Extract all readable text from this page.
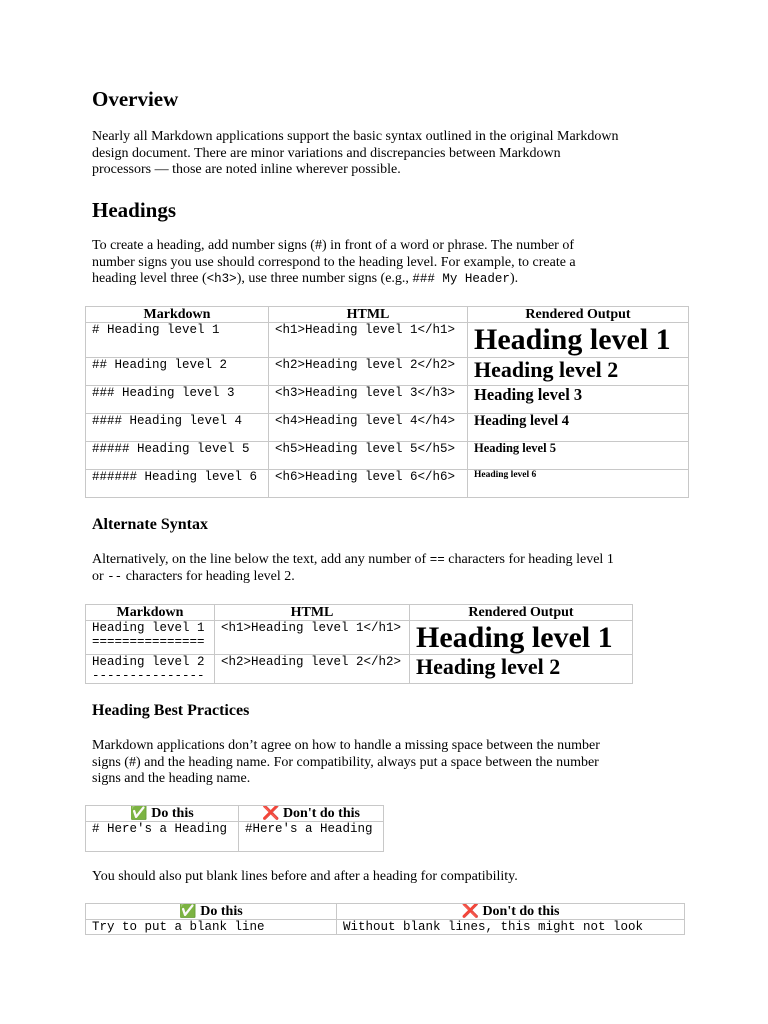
Overview

Nearly all Markdown applications support the basic syntax outlined in the original Markdown
design document. There are minor variations and discrepancies between Markdown
processors — those are noted inline wherever possible.

Headings

To create a heading, add number signs (#) in front of a word or phrase. The number of
number signs you use should correspond to the heading level. For example, to create a
heading level three (<h3>), use three number signs (e.g., ### My Header).

Markdown	HTML	Rendered Output
# Heading level 1	<h1>Heading level 1</h1>	Heading level 1
## Heading level 2	<h2>Heading level 2</h2>	Heading level 2
### Heading level 3	<h3>Heading level 3</h3>	Heading level 3
#### Heading level 4	<h4>Heading level 4</h4>	Heading level 4
##### Heading level 5	<h5>Heading level 5</h5>	Heading level 5
###### Heading level 6	<h6>Heading level 6</h6>	Heading level 6
Alternate Syntax

Alternatively, on the line below the text, add any number of == characters for heading level 1
or -- characters for heading level 2.

Markdown	HTML	Rendered Output

Heading level 1
===============	<h1>Heading level 1</h1>	Heading level 1

Heading level 2
---------------	<h2>Heading level 2</h2>	Heading level 2
Heading Best Practices

Markdown applications don’t agree on how to handle a missing space between the number
signs (#) and the heading name. For compatibility, always put a space between the number
signs and the heading name.

✅ Do this	❌ Don't do this
# Here's a Heading	#Here's a Heading

You should also put blank lines before and after a heading for compatibility.

✅ Do this	❌ Don't do this
Try to put a blank line	Without blank lines, this might not look
